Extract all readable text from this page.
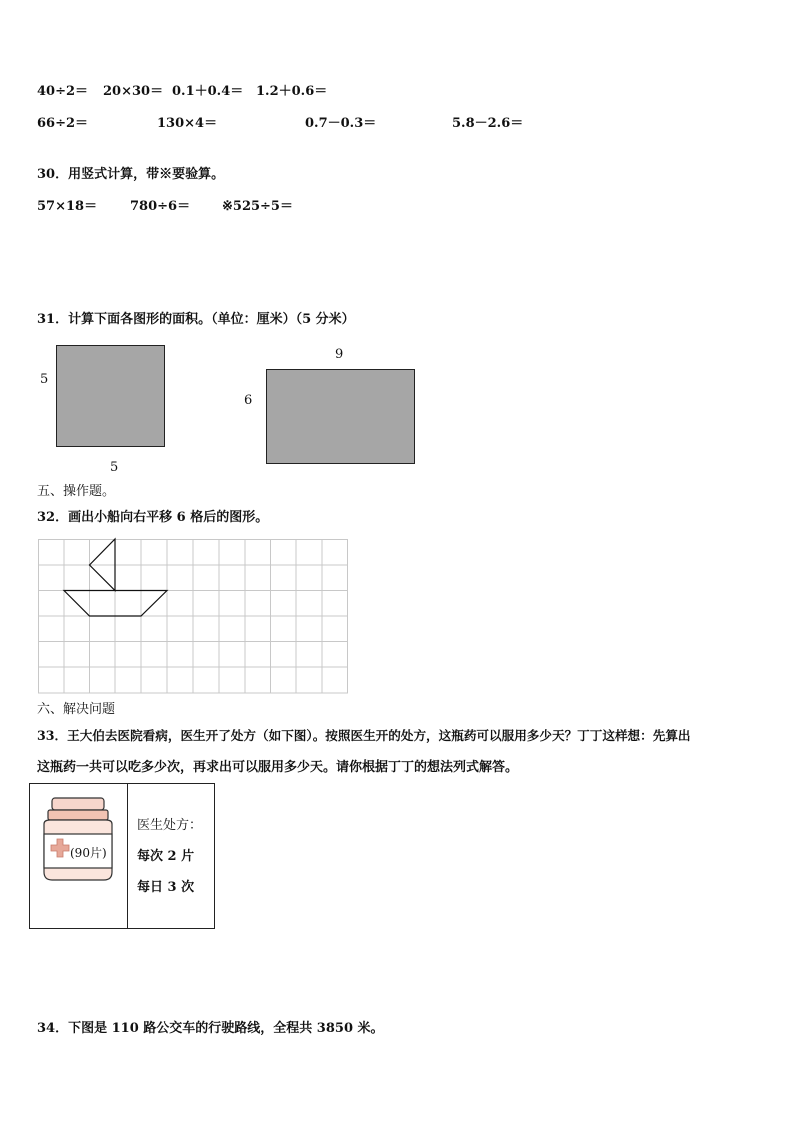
40÷2＝ 20×30＝ 0.1＋0.4＝ 1.2＋0.6＝
66÷2＝	130×4＝	0.7－0.3＝	5.8－2.6＝
30．用竖式计算，带※要验算。
57×18＝	780÷6＝ ※525÷5＝
31．计算下面各图形的面积。（单位：厘米）（5 分米）
5
5
9
6
五、操作题。
32．画出小船向右平移 6 格后的图形。
六、解决问题
33．王大伯去医院看病，医生开了处方（如下图）。按照医生开的处方，这瓶药可以服用多少天？丁丁这样想：先算出
这瓶药一共可以吃多少次，再求出可以服用多少天。请你根据丁丁的想法列式解答。
(90片)
医生处方：
每次 2 片
每日 3 次
34．下图是 110 路公交车的行驶路线，全程共 3850 米。
